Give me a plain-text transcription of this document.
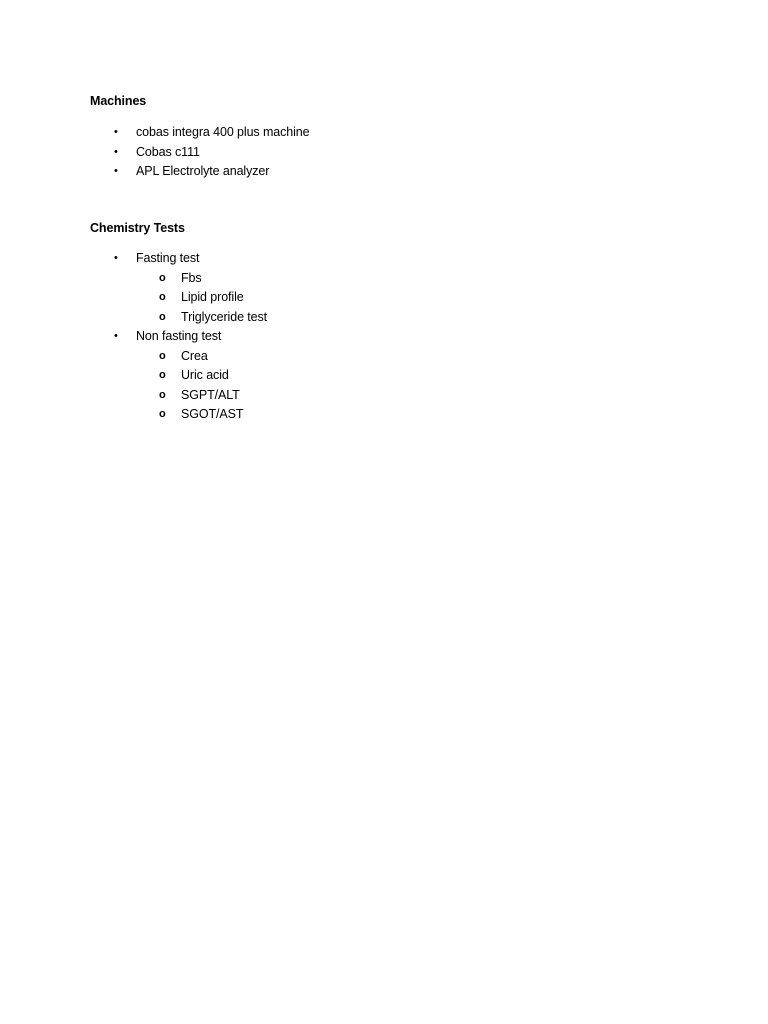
Machines
• cobas integra 400 plus machine
• Cobas c111
• APL Electrolyte analyzer
Chemistry Tests
• Fasting test
o Fbs
o Lipid profile
o Triglyceride test
• Non fasting test
o Crea
o Uric acid
o SGPT/ALT
o SGOT/AST
